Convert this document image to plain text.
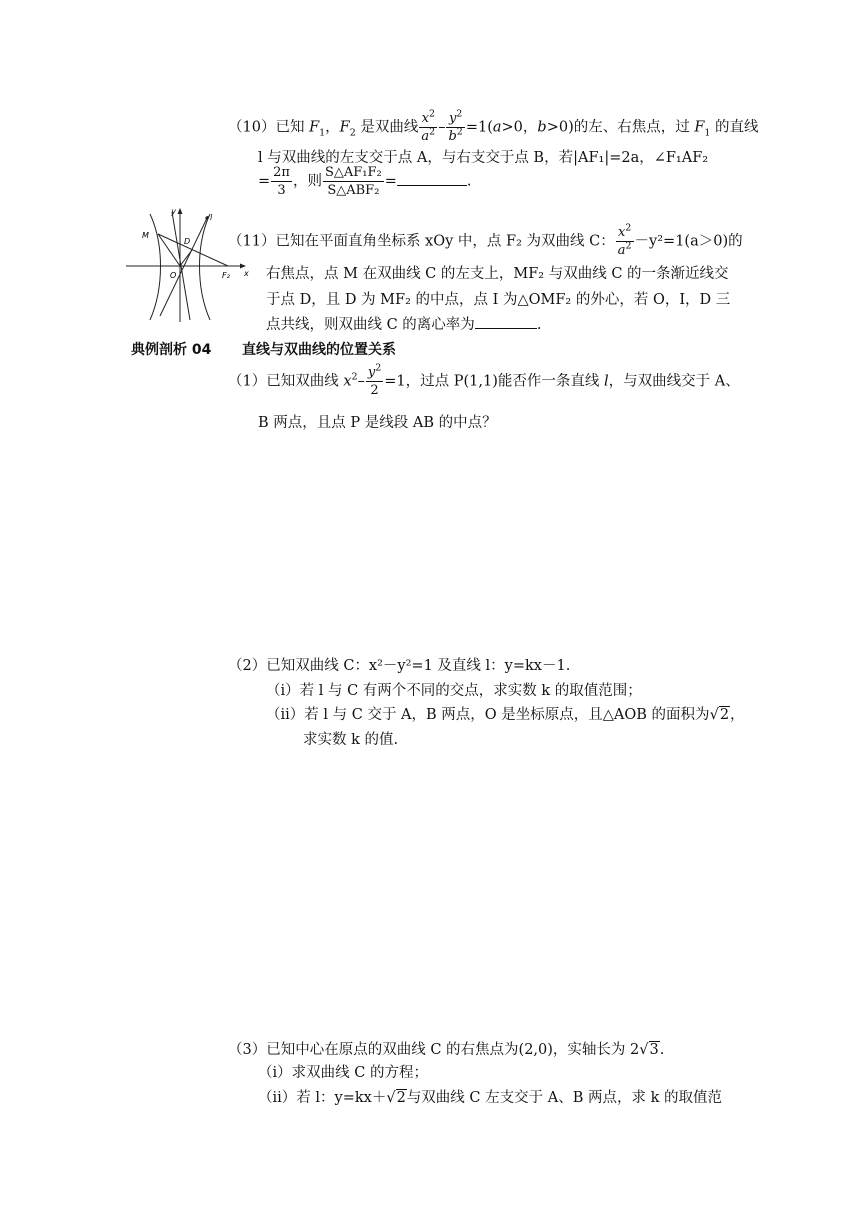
（10）已知 $F_1$，$F_2$ 是双曲线 $\frac{x^2}{a^2} - \frac{y^2}{b^2} =1(a>0$，b>0)的左、右焦点，过 $F_1$ 的直线
l 与双曲线的左支交于点 A，与右支交于点 B，若|AF₁|=2a，∠F₁AF₂
= $\frac{2\pi}{3}$ ，则 $\frac{\text{S△AF₁F₂}}{\text{S△ABF₂}}$ =	.
y
x
l
M
D
O	F₂
（11）已知在平面直角坐标系 xOy 中，点 F₂ 为双曲线 C： $\frac{x^2}{a^2} -y^2=1(a>0)$的
右焦点，点 M 在双曲线 C 的左支上，MF₂ 与双曲线 C 的一条渐近线交
于点 D，且 D 为 MF₂ 的中点，点 I 为△OMF₂ 的外心，若 O，I，D 三
点共线，则双曲线 C 的离心率为	.
典例剖析 04 直线与双曲线的位置关系
（1）已知双曲线 $x^2- \frac{y^2}{2} =1$，过点 P(1,1)能否作一条直线 l，与双曲线交于 A、
B 两点，且点 P 是线段 AB 的中点？
（2）已知双曲线 C：x²－y²=1 及直线 l：y=kx－1.
（ⅰ）若 l 与 C 有两个不同的交点，求实数 k 的取值范围；
（ⅱ）若 l 与 C 交于 A，B 两点，O 是坐标原点，且△AOB 的面积为√2，
求实数 k 的值.
（3）已知中心在原点的双曲线 C 的右焦点为(2,0)，实轴长为 2√3.
（ⅰ）求双曲线 C 的方程；
（ⅱ）若 l：y=kx＋√2与双曲线 C 左支交于 A、B 两点，求 k 的取值范
